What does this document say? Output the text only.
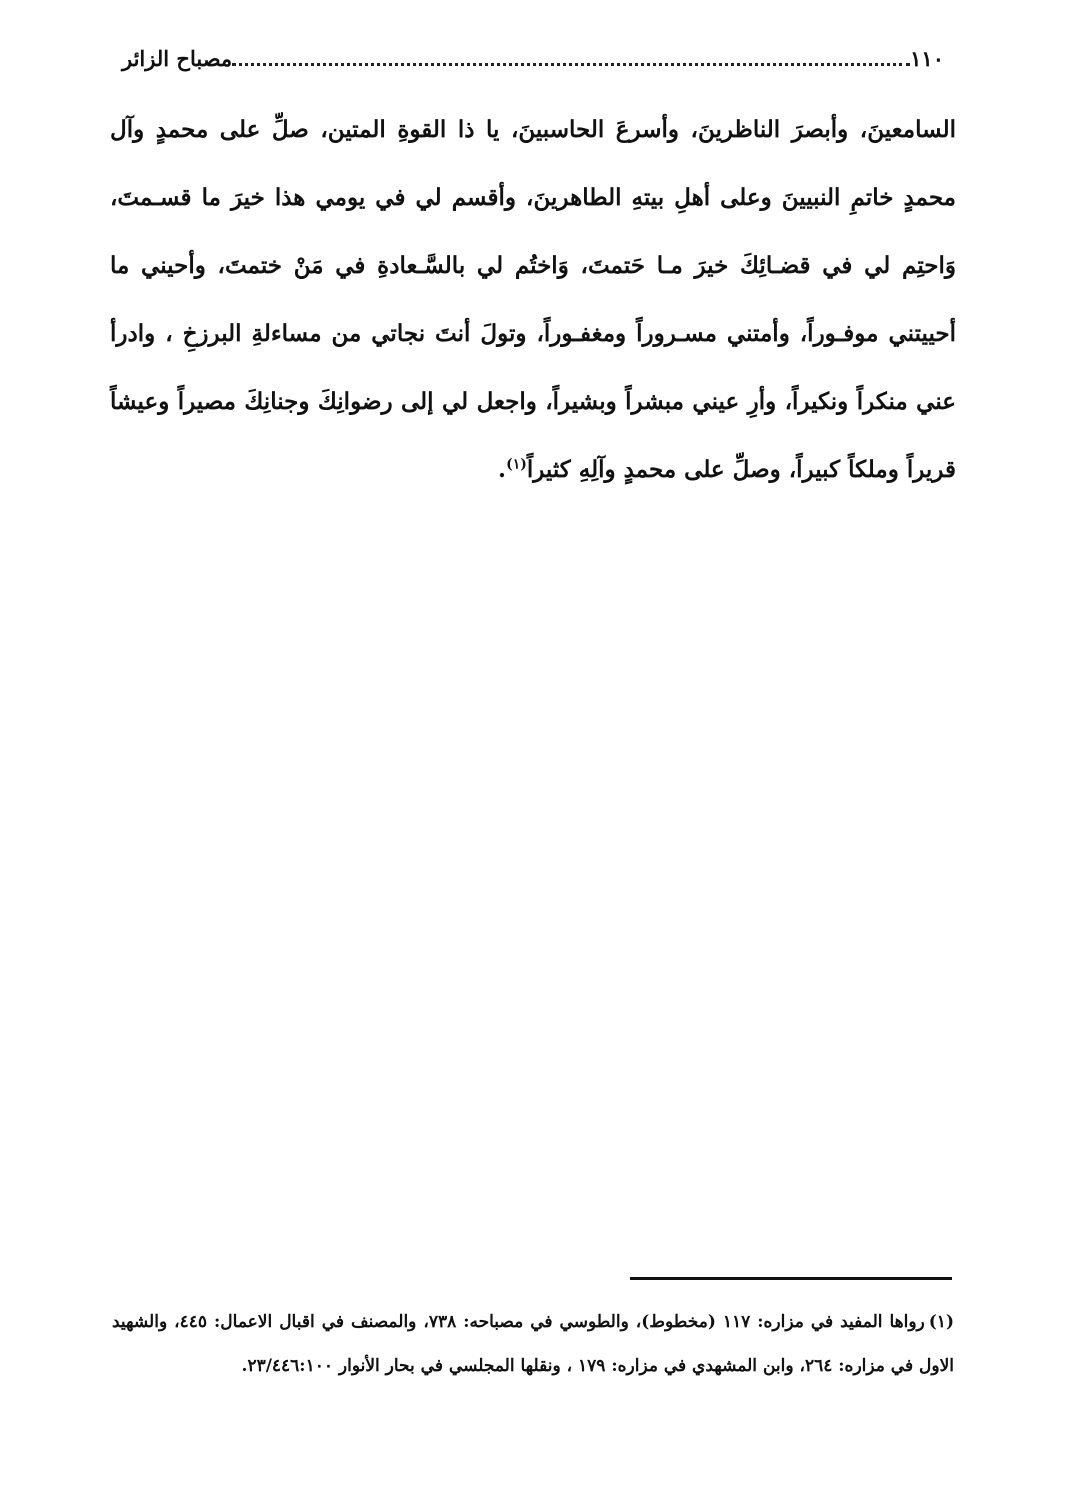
١١٠
مصباح الزائر

السامعينَ، وأبصرَ الناظرينَ، وأسرعَ الحاسبينَ، يا ذا القوةِ المتين، صلِّ على محمدٍ وآل محمدٍ خاتمِ النبيينَ وعلى أهلِ بيتهِ الطاهرينَ، وأقسم لي في يومي هذا خيرَ ما قسـمتَ، وَاحتِم لي في قضـائِكَ خيرَ مـا حَتمتَ، وَاختُم لي بالسَّـعادةِ في مَنْ ختمتَ، وأحيني ما أحييتني موفـوراً، وأمتني مسـروراً ومغفـوراً، وتولَ أنتَ نجاتي من مساءلةِ البرزخِ ، وادرأ عني منكراً ونكيراً، وأرِ عيني مبشراً وبشيراً، واجعل لي إلى رضوانِكَ وجنانِكَ مصيراً وعيشاً قريراً وملكاً كبيراً، وصلِّ على محمدٍ وآلِهِ كثيراً$^{(١)}$.

(١)رواها المفيد في مزاره: ١١٧ (مخطوط)، والطوسي في مصباحه: ٧٣٨، والمصنف في اقبال الاعمال: ٤٤٥، والشهيد الاول في مزاره: ٢٦٤، وابن المشهدي في مزاره: ١٧٩ ، ونقلها المجلسي في بحار الأنوار ٢٣/٤٤٦:١٠٠.
